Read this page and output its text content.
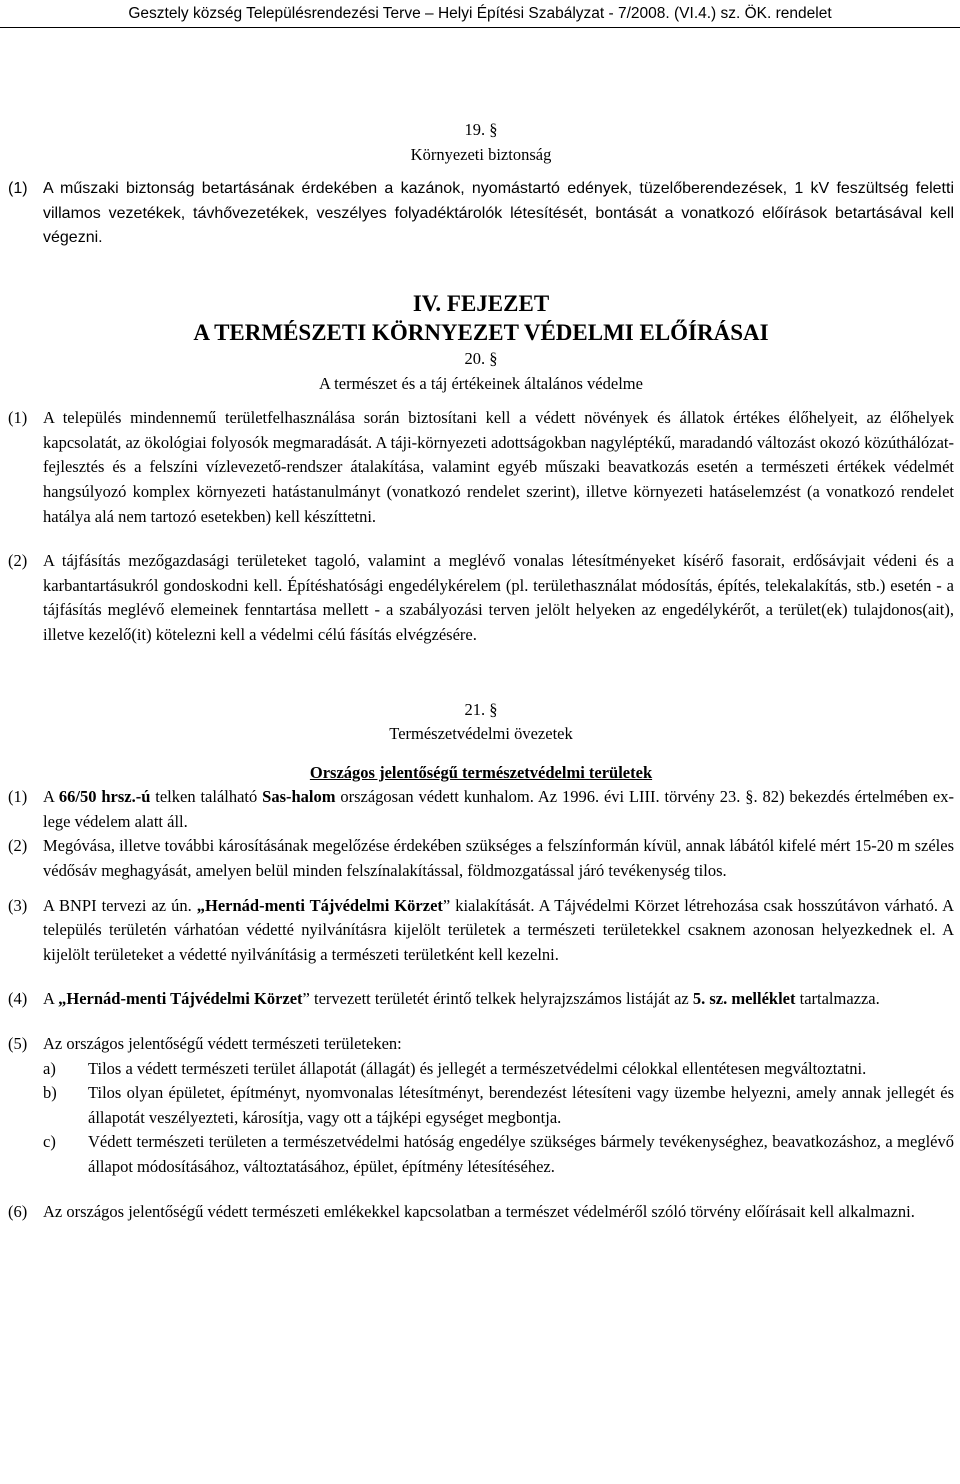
Gesztely község Településrendezési Terve – Helyi Építési Szabályzat - 7/2008. (VI.4.) sz. ÖK. rendelet
19. §
Környezeti biztonság
(1) A műszaki biztonság betartásának érdekében a kazánok, nyomástartó edények, tüzelőberendezések, 1 kV feszültség feletti villamos vezetékek, távhővezetékek, veszélyes folyadéktárolók létesítését, bontását a vonatkozó előírások betartásával kell végezni.
IV. FEJEZET
A TERMÉSZETI KÖRNYEZET VÉDELMI ELŐÍRÁSAI
20. §
A természet és a táj értékeinek általános védelme
(1) A település mindennemű területfelhasználása során biztosítani kell a védett növények és állatok értékes élőhelyeit, az élőhelyek kapcsolatát, az ökológiai folyosók megmaradását. A táji-környezeti adottságokban nagyléptékű, maradandó változást okozó közúthálózat-fejlesztés és a felszíni vízlevezető-rendszer átalakítása, valamint egyéb műszaki beavatkozás esetén a természeti értékek védelmét hangsúlyozó komplex környezeti hatástanulmányt (vonatkozó rendelet szerint), illetve környezeti hatáselemzést (a vonatkozó rendelet hatálya alá nem tartozó esetekben) kell készíttetni.
(2) A tájfásítás mezőgazdasági területeket tagoló, valamint a meglévő vonalas létesítményeket kísérő fasorait, erdősávjait védeni és a karbantartásukról gondoskodni kell. Építéshatósági engedélykérelem (pl. területhasználat módosítás, építés, telekalakítás, stb.) esetén - a tájfásítás meglévő elemeinek fenntartása mellett - a szabályozási terven jelölt helyeken az engedélykérőt, a terület(ek) tulajdonos(ait), illetve kezelő(it) kötelezni kell a védelmi célú fásítás elvégzésére.
21. §
Természetvédelmi övezetek
Országos jelentőségű természetvédelmi területek
(1) A 66/50 hrsz.-ú telken található Sas-halom országosan védett kunhalom. Az 1996. évi LIII. törvény 23. §. 82) bekezdés értelmében ex-lege védelem alatt áll.
(2) Megóvása, illetve további károsításának megelőzése érdekében szükséges a felszínformán kívül, annak lábától kifelé mért 15-20 m széles védősáv meghagyását, amelyen belül minden felszínalakítással, földmozgatással járó tevékenység tilos.
(3) A BNPI tervezi az ún. „Hernád-menti Tájvédelmi Körzet” kialakítását. A Tájvédelmi Körzet létrehozása csak hosszútávon várható. A település területén várhatóan védetté nyilvánításra kijelölt területek a természeti területekkel csaknem azonosan helyezkednek el. A kijelölt területeket a védetté nyilvánításig a természeti területként kell kezelni.
(4) A „Hernád-menti Tájvédelmi Körzet” tervezett területét érintő telkek helyrajzszámos listáját az 5. sz. melléklet tartalmazza.
(5) Az országos jelentőségű védett természeti területeken:
a)	Tilos a védett természeti terület állapotát (állagát) és jellegét a természetvédelmi célokkal ellentétesen megváltoztatni.
b)	Tilos olyan épületet, építményt, nyomvonalas létesítményt, berendezést létesíteni vagy üzembe helyezni, amely annak jellegét és állapotát veszélyezteti, károsítja, vagy ott a tájképi egységet megbontja.
c)	Védett természeti területen a természetvédelmi hatóság engedélye szükséges bármely tevékenységhez, beavatkozáshoz, a meglévő állapot módosításához, változtatásához, épület, építmény létesítéséhez.
(6) Az országos jelentőségű védett természeti emlékekkel kapcsolatban a természet védelméről szóló törvény előírásait kell alkalmazni.
